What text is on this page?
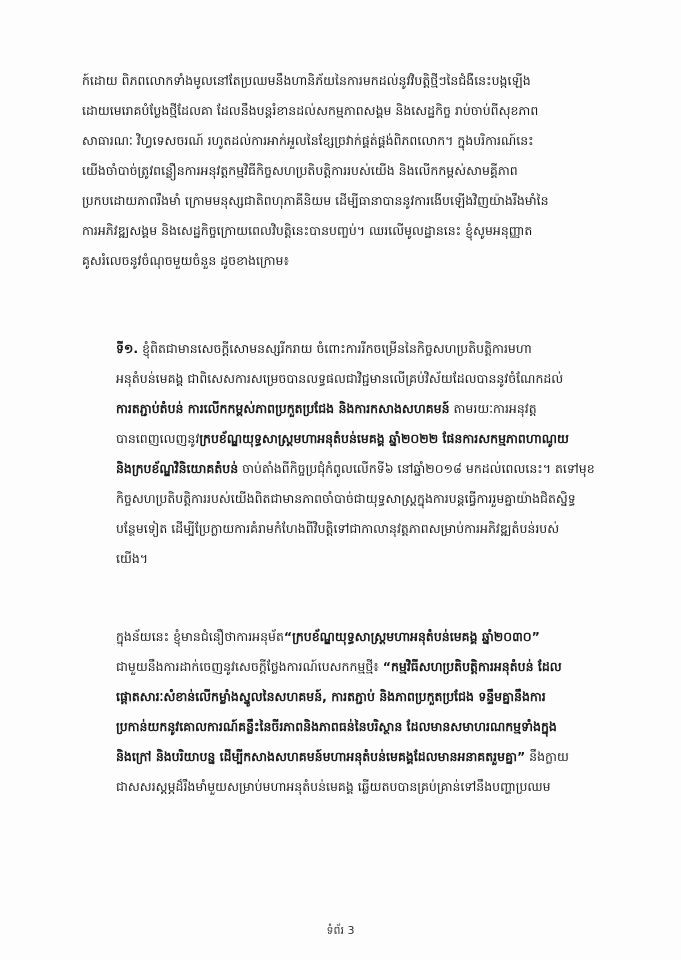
ក៍ដោយ ពិភពលោកទាំងមូលនៅតែប្រឈមនឹងហានិភ័យនៃការមកដល់នូវវិបត្តិថ្មីៗនៃជំងឺនេះបង្កឡើង
ដោយមេរោគបំប្លែងថ្មីដែលគា ដែលនឹងបន្តរំខានដល់សកម្មភាពសង្គម និងសេដ្ឋកិច្ច រាប់ចាប់ពីសុខភាព
សាធារណៈ វិហ្វទេសចរណ៍ រហូតដល់ការអាក់អួលនៃខ្សែច្រវាក់ផ្គត់ផ្គង់ពិភពលោក។ ក្នុងបរិការណ៍នេះ
យើងចាំបាច់ត្រូវពន្លឿនការអនុវត្តកម្មវិធីកិច្ចសហប្រតិបត្តិការរបស់យើង និងលើកកម្ពស់សាមគ្គីភាព
ប្រកបដោយភាពរឹងមាំ ក្រោមមនុស្សជាតិពហុភាគីនិយម ដើម្បីធានាបាននូវការងើបឡើងវិញយ៉ាងរឹងមាំនៃ
ការអភិវឌ្ឍសង្គម និងសេដ្ឋកិច្ចក្រោយពេលវិបត្តិនេះបានបញ្ចប់។ ឈរលើមូលដ្ឋាននេះ ខ្ញុំសូមអនុញ្ញាត
គូសរំលេចនូវចំណុចមួយចំនួន ដូចខាងក្រោម៖
ទី១. ខ្ញុំពិតជាមានសេចក្តីសោមនស្សរីករាយ ចំពោះការរីកចម្រើននៃកិច្ចសហប្រតិបត្តិការមហា
អនុតំបន់មេគង្គ ជាពិសេសការសម្រេចបានលទ្ធផលជាវិជ្ជមានលើគ្រប់វិស័យដែលបាននូវចំណែកដល់
ការតភ្ជាប់តំបន់ ការលើកកម្ពស់ភាពប្រកួតប្រជែង និងការកសាងសហគមន៍ តាមរយៈការអនុវត្ត
បានពេញលេញនូវក្របខ័ណ្ឌយុទ្ធសាស្ត្រមហាអនុតំបន់មេគង្គ ឆ្នាំ២០២២ ផែនការសកម្មភាពហាណូយ
និងក្របខ័ណ្ឌវិនិយោគតំបន់ ចាប់តាំងពីកិច្ចប្រជុំកំពូលលើកទី៦ នៅឆ្នាំ២០១៨ មកដល់ពេលនេះ។ តទៅមុខ
កិច្ចសហប្រតិបត្តិការរបស់យើងពិតជាមានភាពចាំបាច់ជាយុទ្ធសាស្ត្រក្នុងការបន្តធ្វើការរួមគ្នាយ៉ាងជិតស្និទ្ធ
បន្ថែមទៀត ដើម្បីប្រែក្លាយការគំរាមកំហែងពីវិបត្តិទៅជាកាលានុវត្តភាពសម្រាប់ការអភិវឌ្ឍតំបន់របស់
យើង។
ក្នុងន័យនេះ ខ្ញុំមានជំនឿថាការអនុម័ត“ក្របខ័ណ្ឌយុទ្ធសាស្ត្រមហាអនុតំបន់មេគង្គ ឆ្នាំ២០៣០”
ជាមួយនឹងការដាក់ចេញនូវសេចក្តីថ្លែងការណ៍បេសកកម្មថ្មី៖ “កម្មវិធីសហប្រតិបត្តិការអនុតំបន់ ដែល
ផ្តោតសារៈសំខាន់លើកម្លាំងស្នូលនៃសហគមន៍, ការតភ្ជាប់ និងភាពប្រកួតប្រជែង ទន្ទឹមគ្នានឹងការ
ប្រកាន់យកនូវគោលការណ៍គន្លឹះនៃចីរភាពនិងភាពធន់នៃបរិស្ថាន ដែលមានសមាហរណកម្មទាំងក្នុង
និងក្រៅ និងបរិយាបន្ន ដើម្បីកសាងសហគមន៍មហាអនុតំបន់មេគង្គដែលមានអនាគតរួមគ្នា” នឹងក្លាយ
ជាសសរស្តម្ភដ៏រឹងមាំមួយសម្រាប់មហាអនុតំបន់មេគង្គ ឆ្លើយតបបានគ្រប់គ្រាន់ទៅនឹងបញ្ហាប្រឈម
ទំព័រ 3
